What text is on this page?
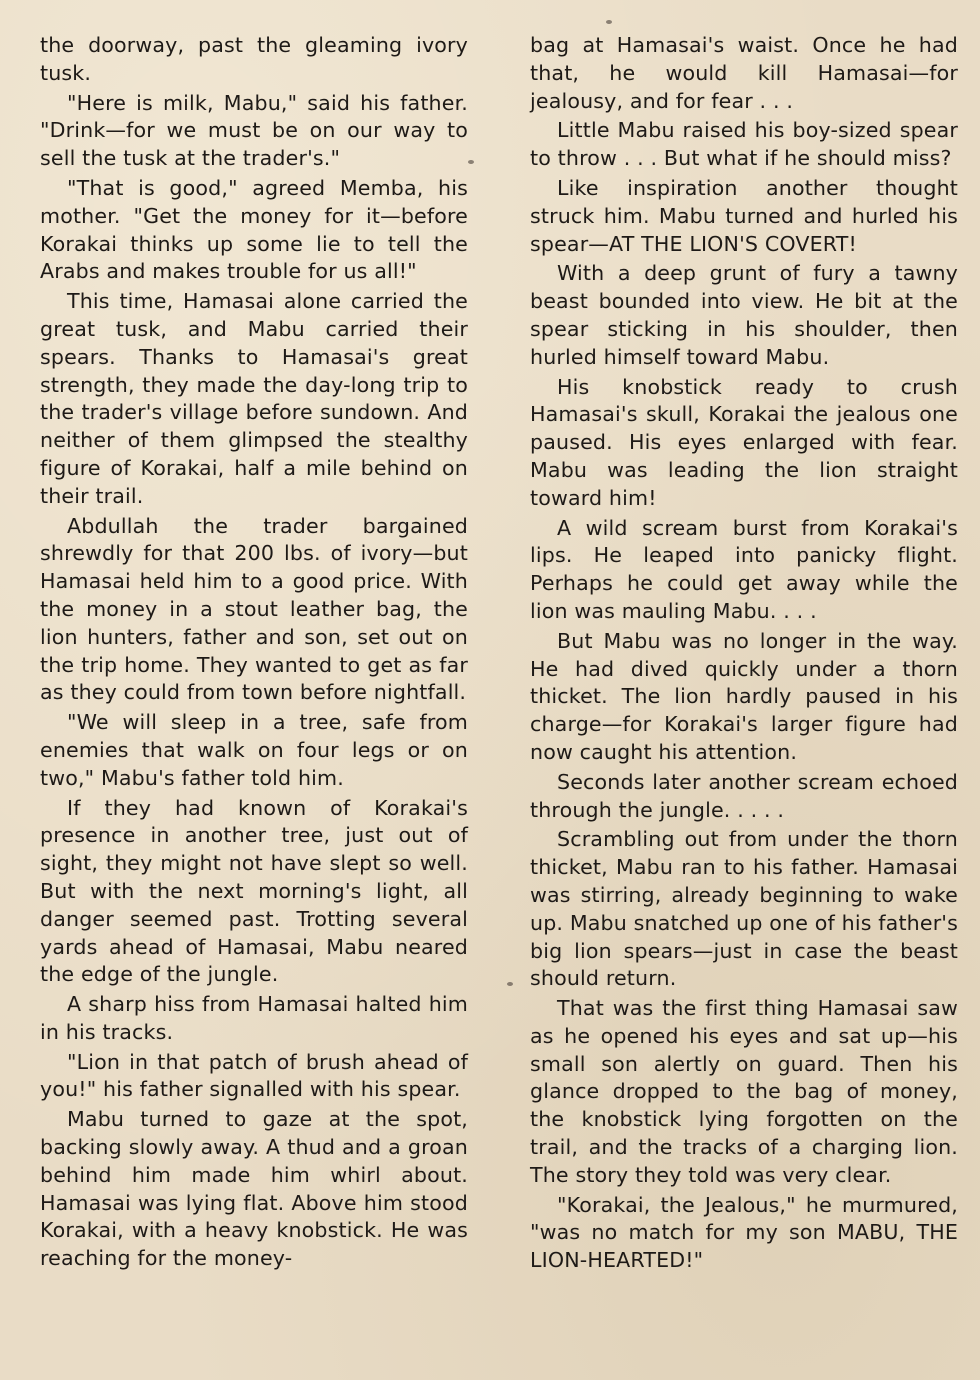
the doorway, past the gleaming ivory tusk.

"Here is milk, Mabu," said his father. "Drink—for we must be on our way to sell the tusk at the trader's."

"That is good," agreed Memba, his mother. "Get the money for it—before Korakai thinks up some lie to tell the Arabs and makes trouble for us all!"

This time, Hamasai alone carried the great tusk, and Mabu carried their spears. Thanks to Hamasai's great strength, they made the day-long trip to the trader's village before sundown. And neither of them glimpsed the stealthy figure of Korakai, half a mile behind on their trail.

Abdullah the trader bargained shrewdly for that 200 lbs. of ivory—but Hamasai held him to a good price. With the money in a stout leather bag, the lion hunters, father and son, set out on the trip home. They wanted to get as far as they could from town before nightfall.

"We will sleep in a tree, safe from enemies that walk on four legs or on two," Mabu's father told him.

If they had known of Korakai's presence in another tree, just out of sight, they might not have slept so well. But with the next morning's light, all danger seemed past. Trotting several yards ahead of Hamasai, Mabu neared the edge of the jungle.

A sharp hiss from Hamasai halted him in his tracks.

"Lion in that patch of brush ahead of you!" his father signalled with his spear.

Mabu turned to gaze at the spot, backing slowly away. A thud and a groan behind him made him whirl about. Hamasai was lying flat. Above him stood Korakai, with a heavy knobstick. He was reaching for the money-

bag at Hamasai's waist. Once he had that, he would kill Hamasai—for jealousy, and for fear . . .

Little Mabu raised his boy-sized spear to throw . . . But what if he should miss?

Like inspiration another thought struck him. Mabu turned and hurled his spear—AT THE LION'S COVERT!

With a deep grunt of fury a tawny beast bounded into view. He bit at the spear sticking in his shoulder, then hurled himself toward Mabu.

His knobstick ready to crush Hamasai's skull, Korakai the jealous one paused. His eyes enlarged with fear. Mabu was leading the lion straight toward him!

A wild scream burst from Korakai's lips. He leaped into panicky flight. Perhaps he could get away while the lion was mauling Mabu. . . .

But Mabu was no longer in the way. He had dived quickly under a thorn thicket. The lion hardly paused in his charge—for Korakai's larger figure had now caught his attention.

Seconds later another scream echoed through the jungle. . . . .

Scrambling out from under the thorn thicket, Mabu ran to his father. Hamasai was stirring, already beginning to wake up. Mabu snatched up one of his father's big lion spears—just in case the beast should return.

That was the first thing Hamasai saw as he opened his eyes and sat up—his small son alertly on guard. Then his glance dropped to the bag of money, the knobstick lying forgotten on the trail, and the tracks of a charging lion. The story they told was very clear.

"Korakai, the Jealous," he murmured, "was no match for my son MABU, THE LION-HEARTED!"
